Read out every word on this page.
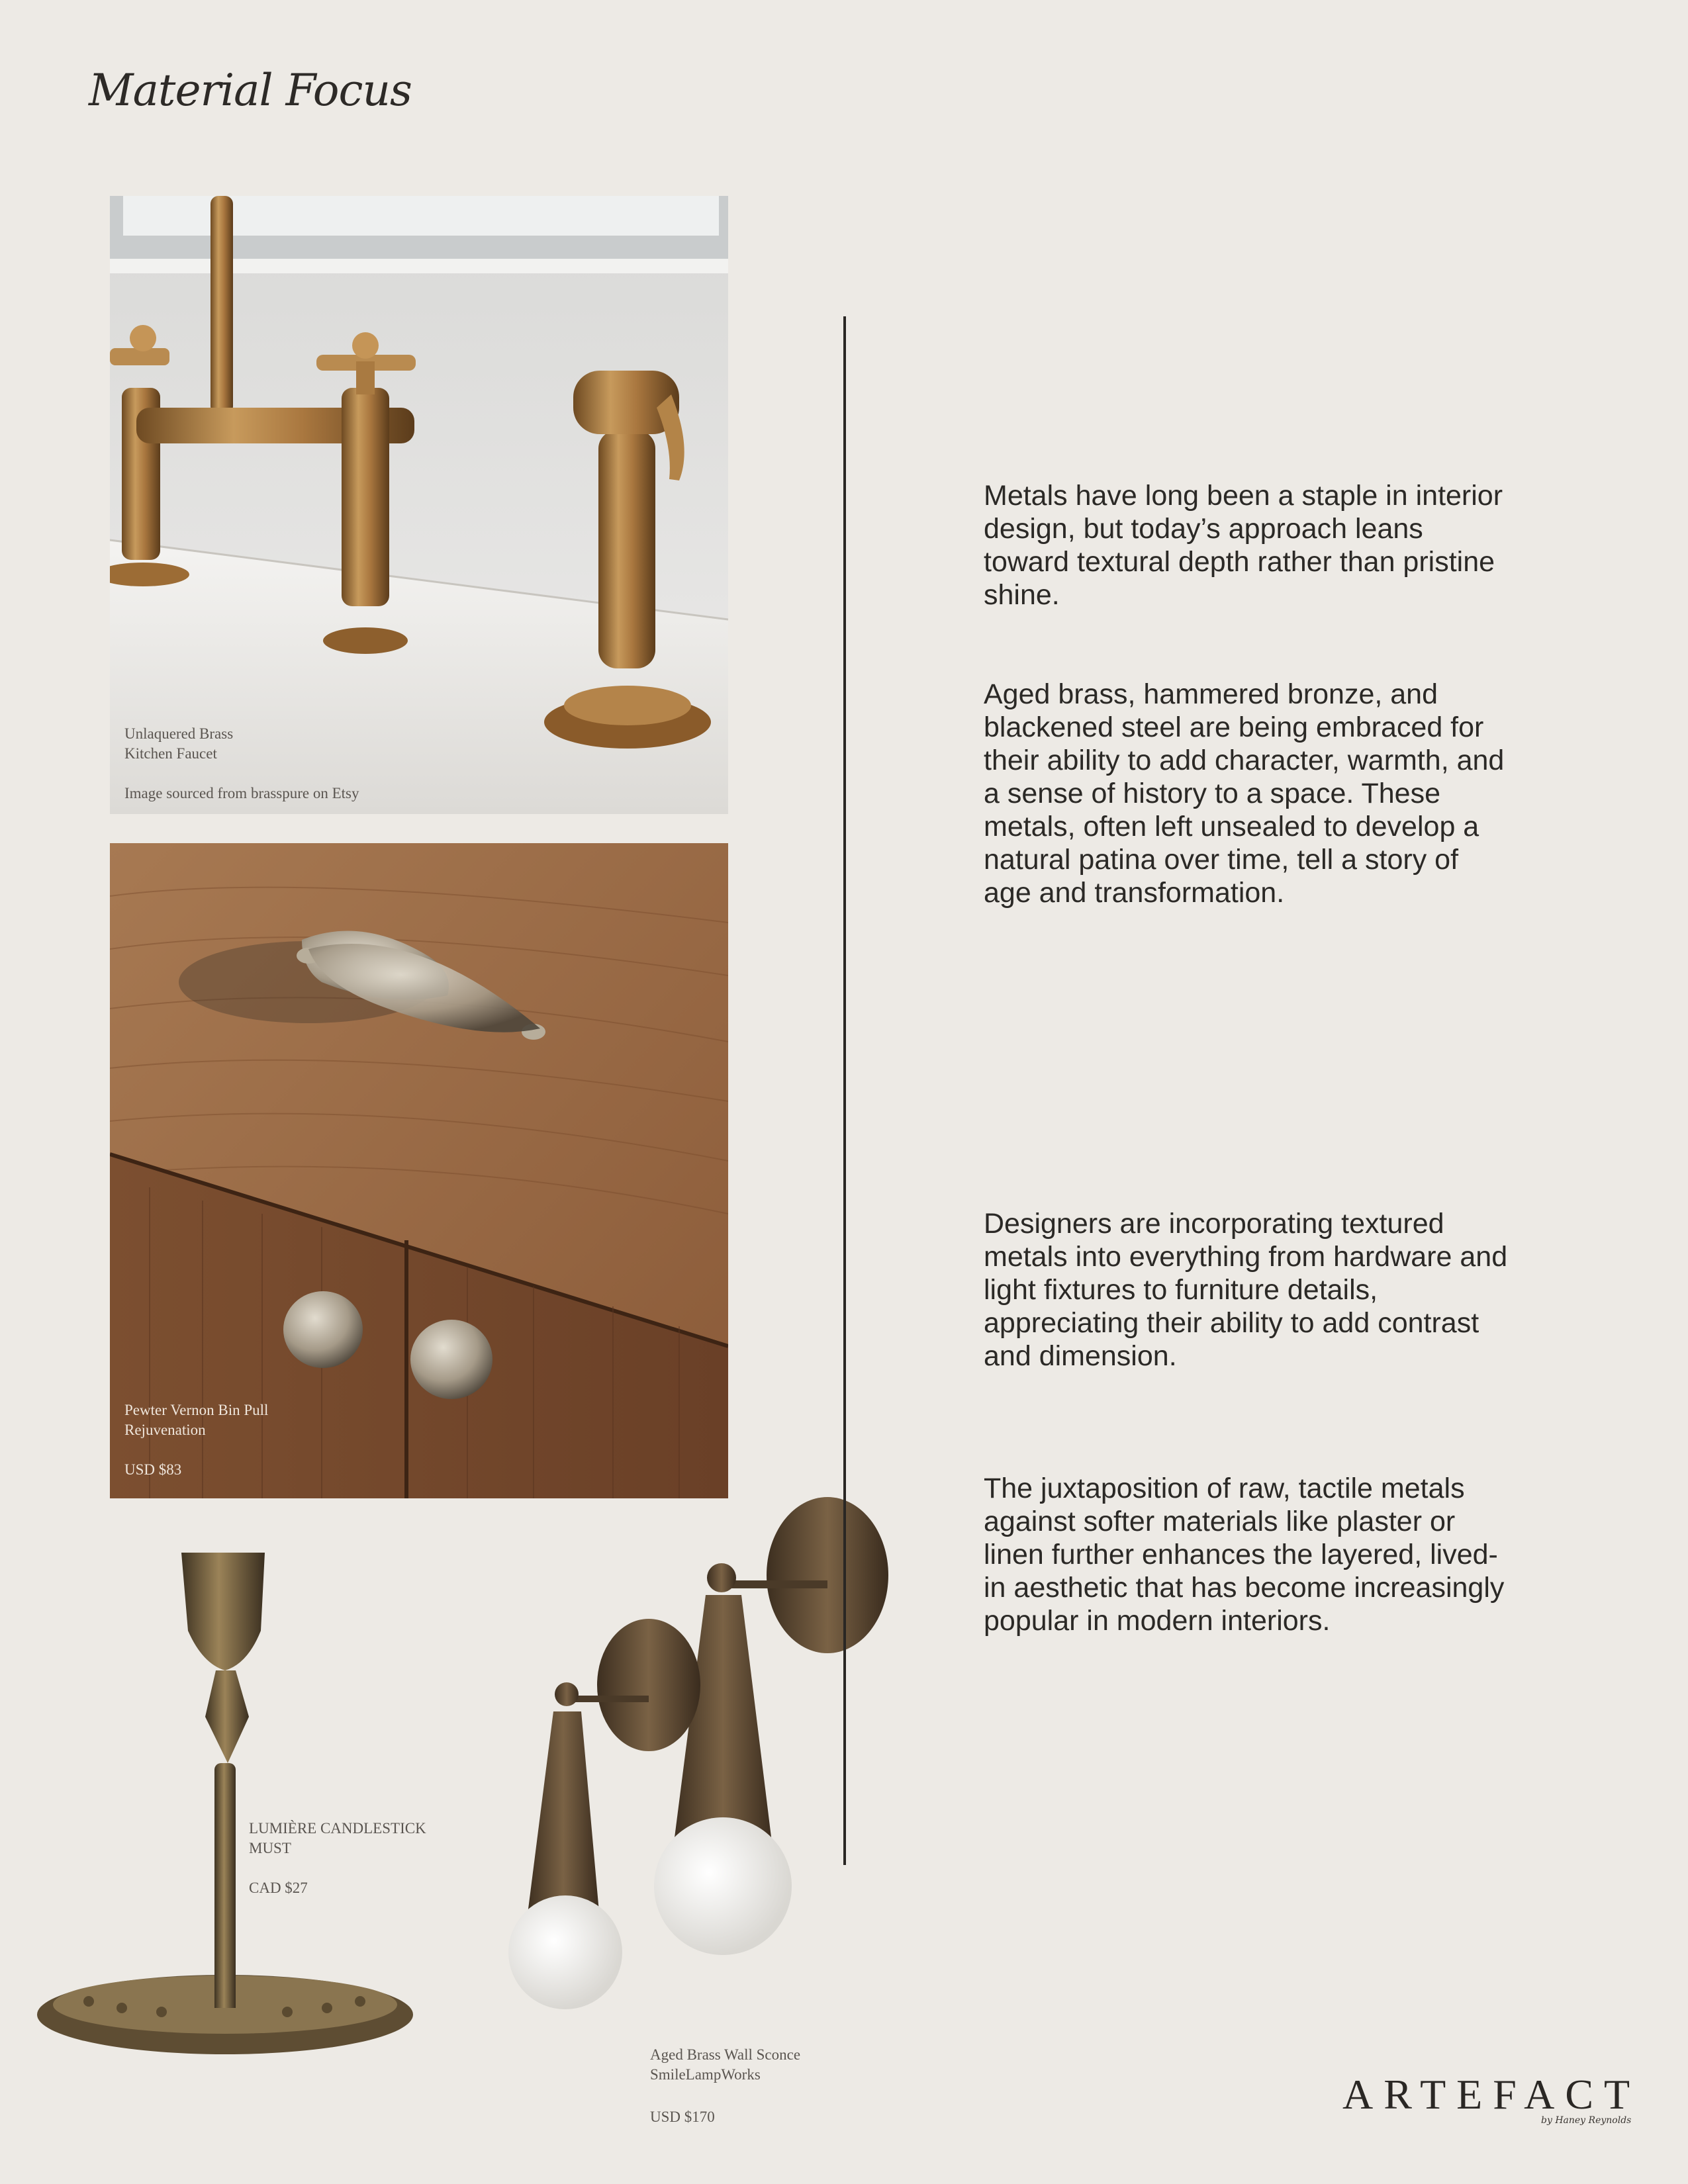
Material Focus
Unlaquered Brass
Kitchen Faucet
Image sourced from brasspure on Etsy
Pewter Vernon Bin Pull
Rejuvenation
USD $83
LUMIÈRE CANDLESTICK
MUST
CAD $27
Aged Brass Wall Sconce
SmileLampWorks
USD $170

Metals have long been a staple in interior design, but today’s approach leans toward textural depth rather than pristine shine.

Aged brass, hammered bronze, and blackened steel are being embraced for their ability to add character, warmth, and a sense of history to a space. These metals, often left unsealed to develop a natural patina over time, tell a story of age and transformation.

Designers are incorporating textured metals into everything from hardware and light fixtures to furniture details, appreciating their ability to add contrast and dimension.

The juxtaposition of raw, tactile metals against softer materials like plaster or linen further enhances the layered, lived-in aesthetic that has become increasingly popular in modern interiors.

ARTEFACT
by Haney Reynolds
